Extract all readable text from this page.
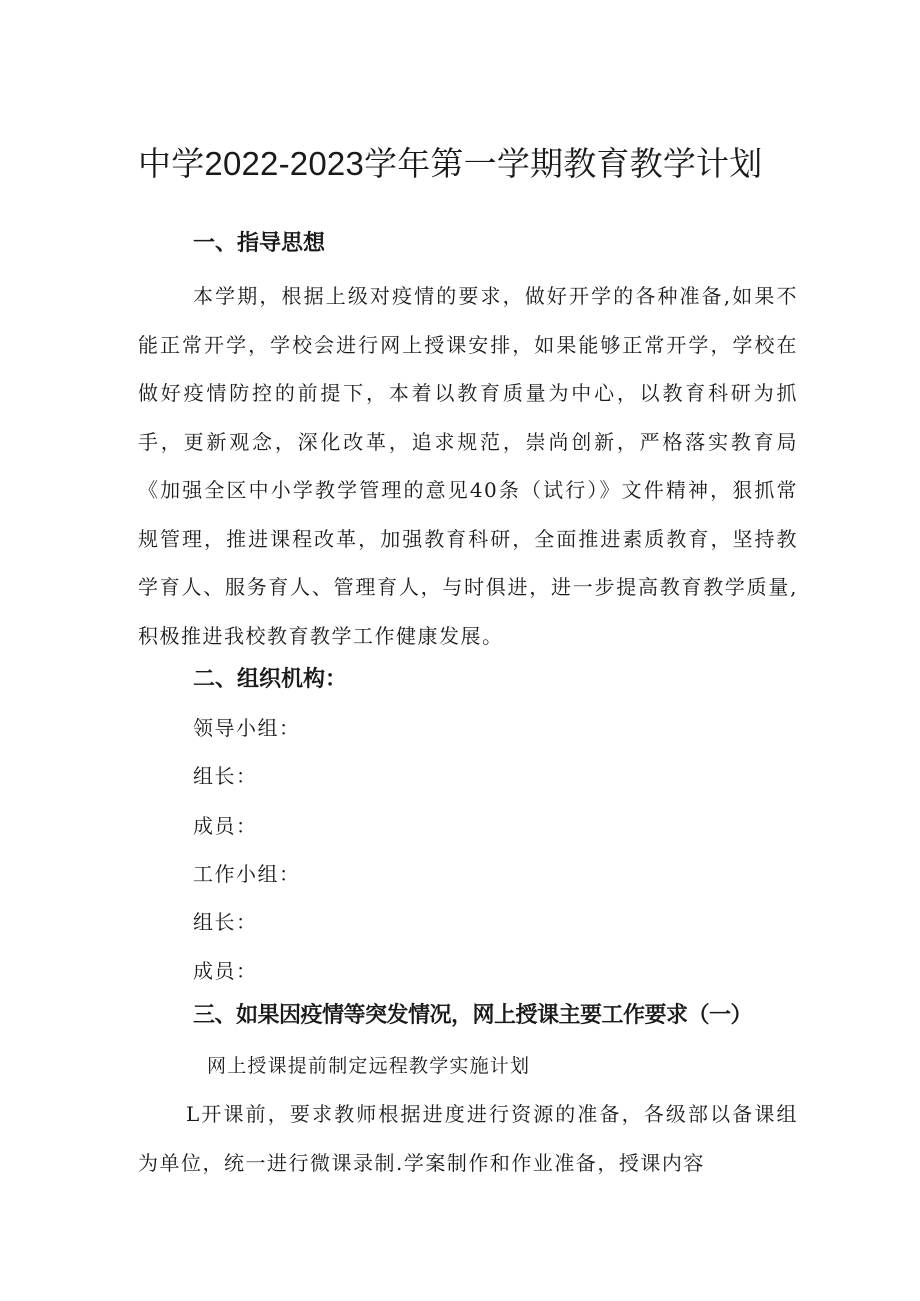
中学2022-2023学年第一学期教育教学计划
一、指导思想
本学期，根据上级对疫情的要求，做好开学的各种准备,如果不能正常开学，学校会进行网上授课安排，如果能够正常开学，学校在做好疫情防控的前提下，本着以教育质量为中心，以教育科研为抓手，更新观念，深化改革，追求规范，崇尚创新，严格落实教育局《加强全区中小学教学管理的意见40条（试行）》文件精神，狠抓常规管理，推进课程改革，加强教育科研，全面推进素质教育，坚持教学育人、服务育人、管理育人，与时俱进，进一步提高教育教学质量,积极推进我校教育教学工作健康发展。
二、组织机构：
领导小组：
组长：
成员：
工作小组：
组长：
成员：
三、如果因疫情等突发情况，网上授课主要工作要求（一）
网上授课提前制定远程教学实施计划
L开课前，要求教师根据进度进行资源的准备，各级部以备课组为单位，统一进行微课录制.学案制作和作业准备，授课内容
